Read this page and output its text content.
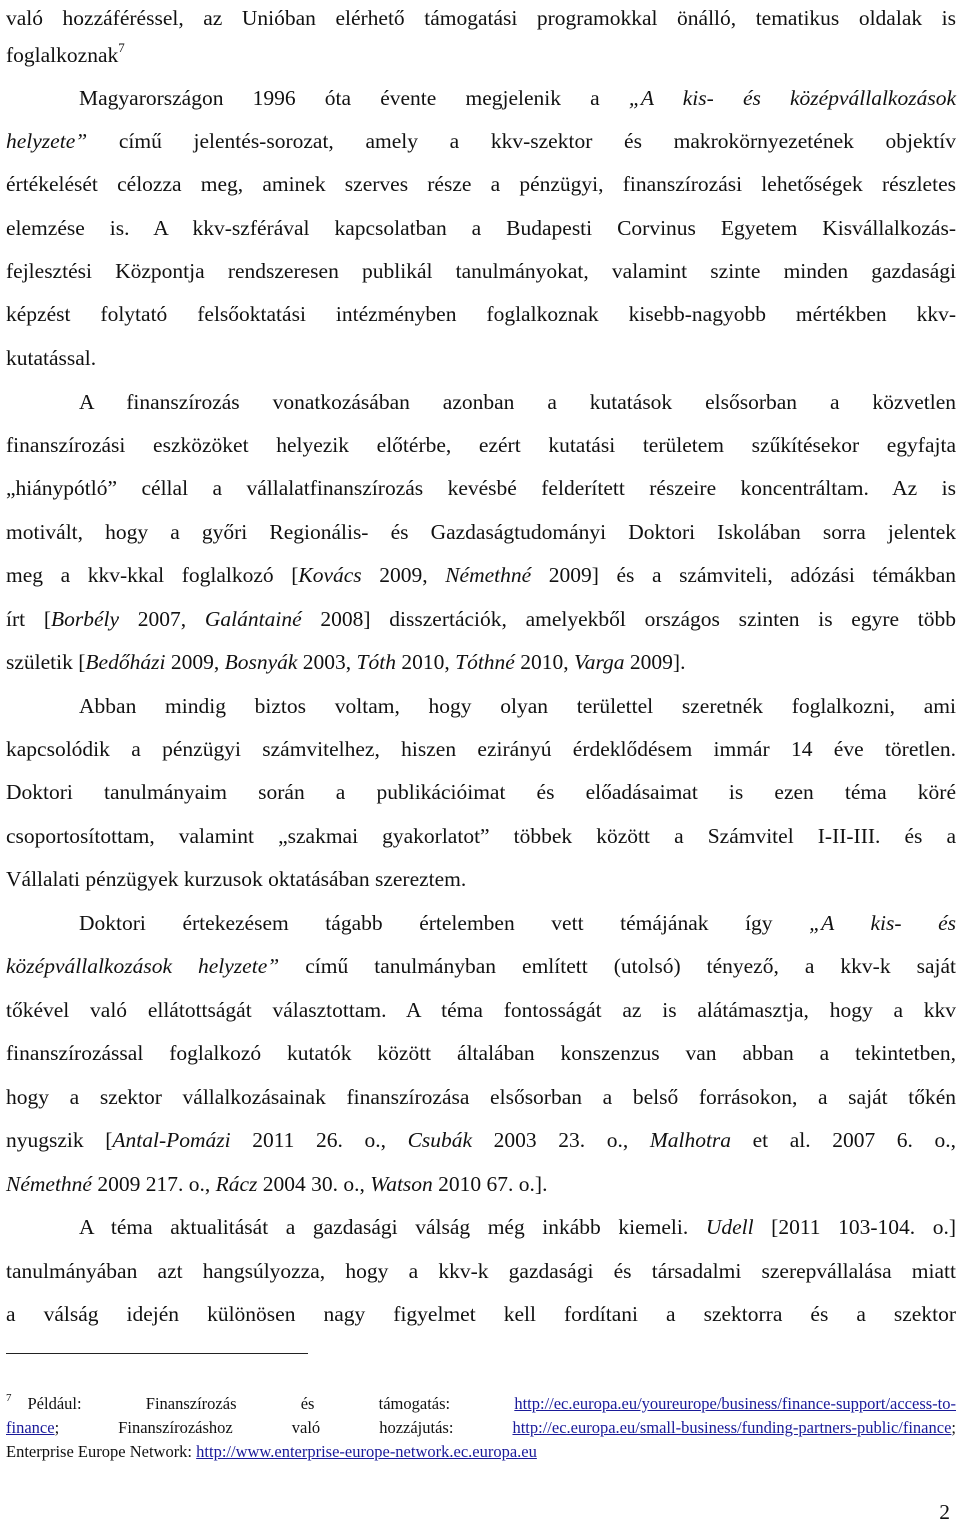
való hozzáféréssel, az Unióban elérhető támogatási programokkal önálló, tematikus oldalak is
foglalkoznak$^7$
Magyarországon 1996 óta évente megjelenik a „A kis- és középvállalkozások
helyzete” című jelentés-sorozat, amely a kkv-szektor és makrokörnyezetének objektív
értékelését célozza meg, aminek szerves része a pénzügyi, finanszírozási lehetőségek részletes
elemzése is. A kkv-szférával kapcsolatban a Budapesti Corvinus Egyetem Kisvállalkozás-
fejlesztési Központja rendszeresen publikál tanulmányokat, valamint szinte minden gazdasági
képzést folytató felsőoktatási intézményben foglalkoznak kisebb-nagyobb mértékben kkv-
kutatással.
A finanszírozás vonatkozásában azonban a kutatások elsősorban a közvetlen
finanszírozási eszközöket helyezik előtérbe, ezért kutatási területem szűkítésekor egyfajta
„hiánypótló” céllal a vállalatfinanszírozás kevésbé felderített részeire koncentráltam. Az is
motivált, hogy a győri Regionális- és Gazdaságtudományi Doktori Iskolában sorra jelentek
meg a kkv-kkal foglalkozó [Kovács 2009, Némethné 2009] és a számviteli, adózási témákban
írt [Borbély 2007, Galántainé 2008] disszertációk, amelyekből országos szinten is egyre több
születik [Bedőházi 2009, Bosnyák 2003, Tóth 2010, Tóthné 2010, Varga 2009].
Abban mindig biztos voltam, hogy olyan területtel szeretnék foglalkozni, ami
kapcsolódik a pénzügyi számvitelhez, hiszen ezirányú érdeklődésem immár 14 éve töretlen.
Doktori tanulmányaim során a publikációimat és előadásaimat is ezen téma köré
csoportosítottam, valamint „szakmai gyakorlatot” többek között a Számvitel I-II-III. és a
Vállalati pénzügyek kurzusok oktatásában szereztem.
Doktori értekezésem tágabb értelemben vett témájának így „A kis- és
középvállalkozások helyzete” című tanulmányban említett (utolsó) tényező, a kkv-k saját
tőkével való ellátottságát választottam. A téma fontosságát az is alátámasztja, hogy a kkv
finanszírozással foglalkozó kutatók között általában konszenzus van abban a tekintetben,
hogy a szektor vállalkozásainak finanszírozása elsősorban a belső forrásokon, a saját tőkén
nyugszik [Antal-Pomázi 2011 26. o., Csubák 2003 23. o., Malhotra et al. 2007 6. o.,
Némethné 2009 217. o., Rácz 2004 30. o., Watson 2010 67. o.].
A téma aktualitását a gazdasági válság még inkább kiemeli. Udell [2011 103-104. o.]
tanulmányában azt hangsúlyozza, hogy a kkv-k gazdasági és társadalmi szerepvállalása miatt
a válság idején különösen nagy figyelmet kell fordítani a szektorra és a szektor
$^7$ Például: Finanszírozás és támogatás: http://ec.europa.eu/youreurope/business/finance-support/access-to-
finance; Finanszírozáshoz való hozzájutás: http://ec.europa.eu/small-business/funding-partners-public/finance;
Enterprise Europe Network: http://www.enterprise-europe-network.ec.europa.eu
2
